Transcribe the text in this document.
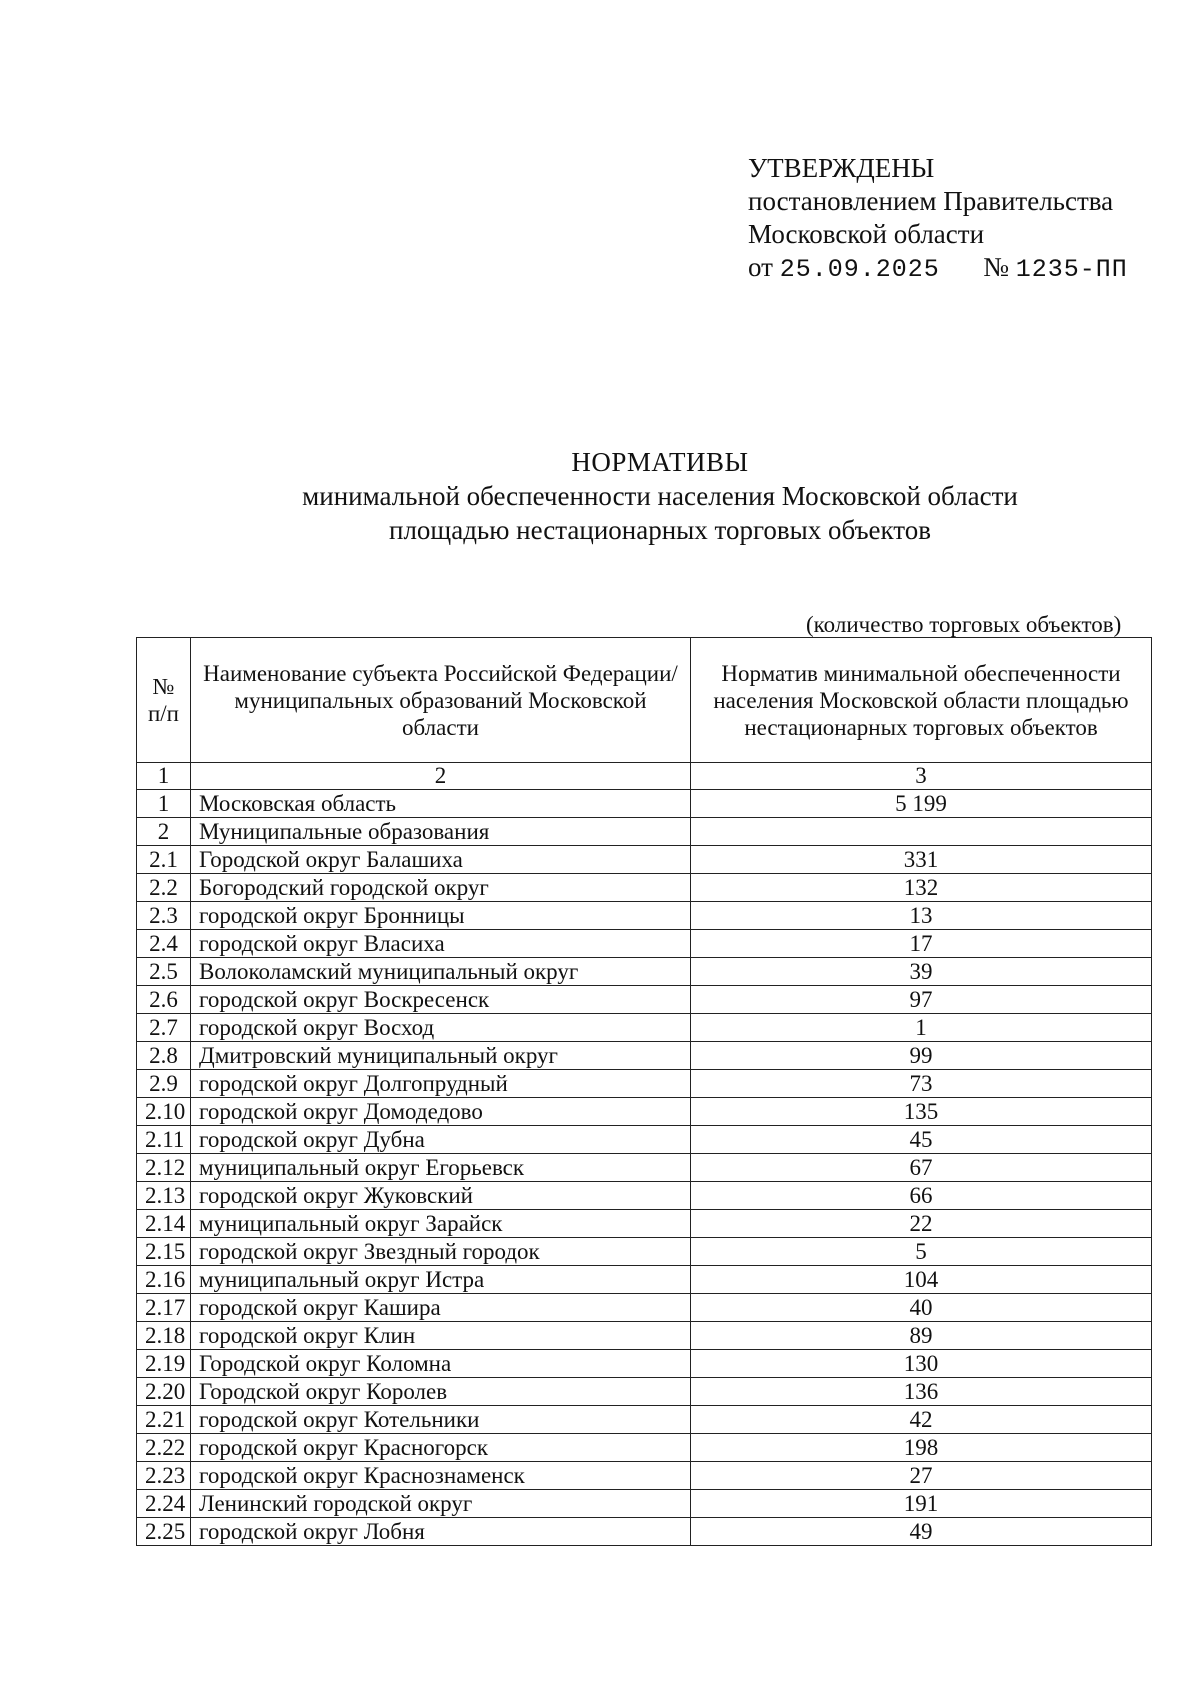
УТВЕРЖДЕНЫ
постановлением Правительства
Московской области
от 25.09.2025 № 1235-ПП
НОРМАТИВЫ
минимальной обеспеченности населения Московской области
площадью нестационарных торговых объектов
(количество торговых объектов)
№ п/п	Наименование субъекта Российской Федерации/муниципальных образований Московской области	Норматив минимальной обеспеченности населения Московской области площадью нестационарных торговых объектов
1	2	3
1	Московская область	5 199
2	Муниципальные образования	
2.1	Городской округ Балашиха	331
2.2	Богородский городской округ	132
2.3	городской округ Бронницы	13
2.4	городской округ Власиха	17
2.5	Волоколамский муниципальный округ	39
2.6	городской округ Воскресенск	97
2.7	городской округ Восход	1
2.8	Дмитровский муниципальный округ	99
2.9	городской округ Долгопрудный	73
2.10	городской округ Домодедово	135
2.11	городской округ Дубна	45
2.12	муниципальный округ Егорьевск	67
2.13	городской округ Жуковский	66
2.14	муниципальный округ Зарайск	22
2.15	городской округ Звездный городок	5
2.16	муниципальный округ Истра	104
2.17	городской округ Кашира	40
2.18	городской округ Клин	89
2.19	Городской округ Коломна	130
2.20	Городской округ Королев	136
2.21	городской округ Котельники	42
2.22	городской округ Красногорск	198
2.23	городской округ Краснознаменск	27
2.24	Ленинский городской округ	191
2.25	городской округ Лобня	49
